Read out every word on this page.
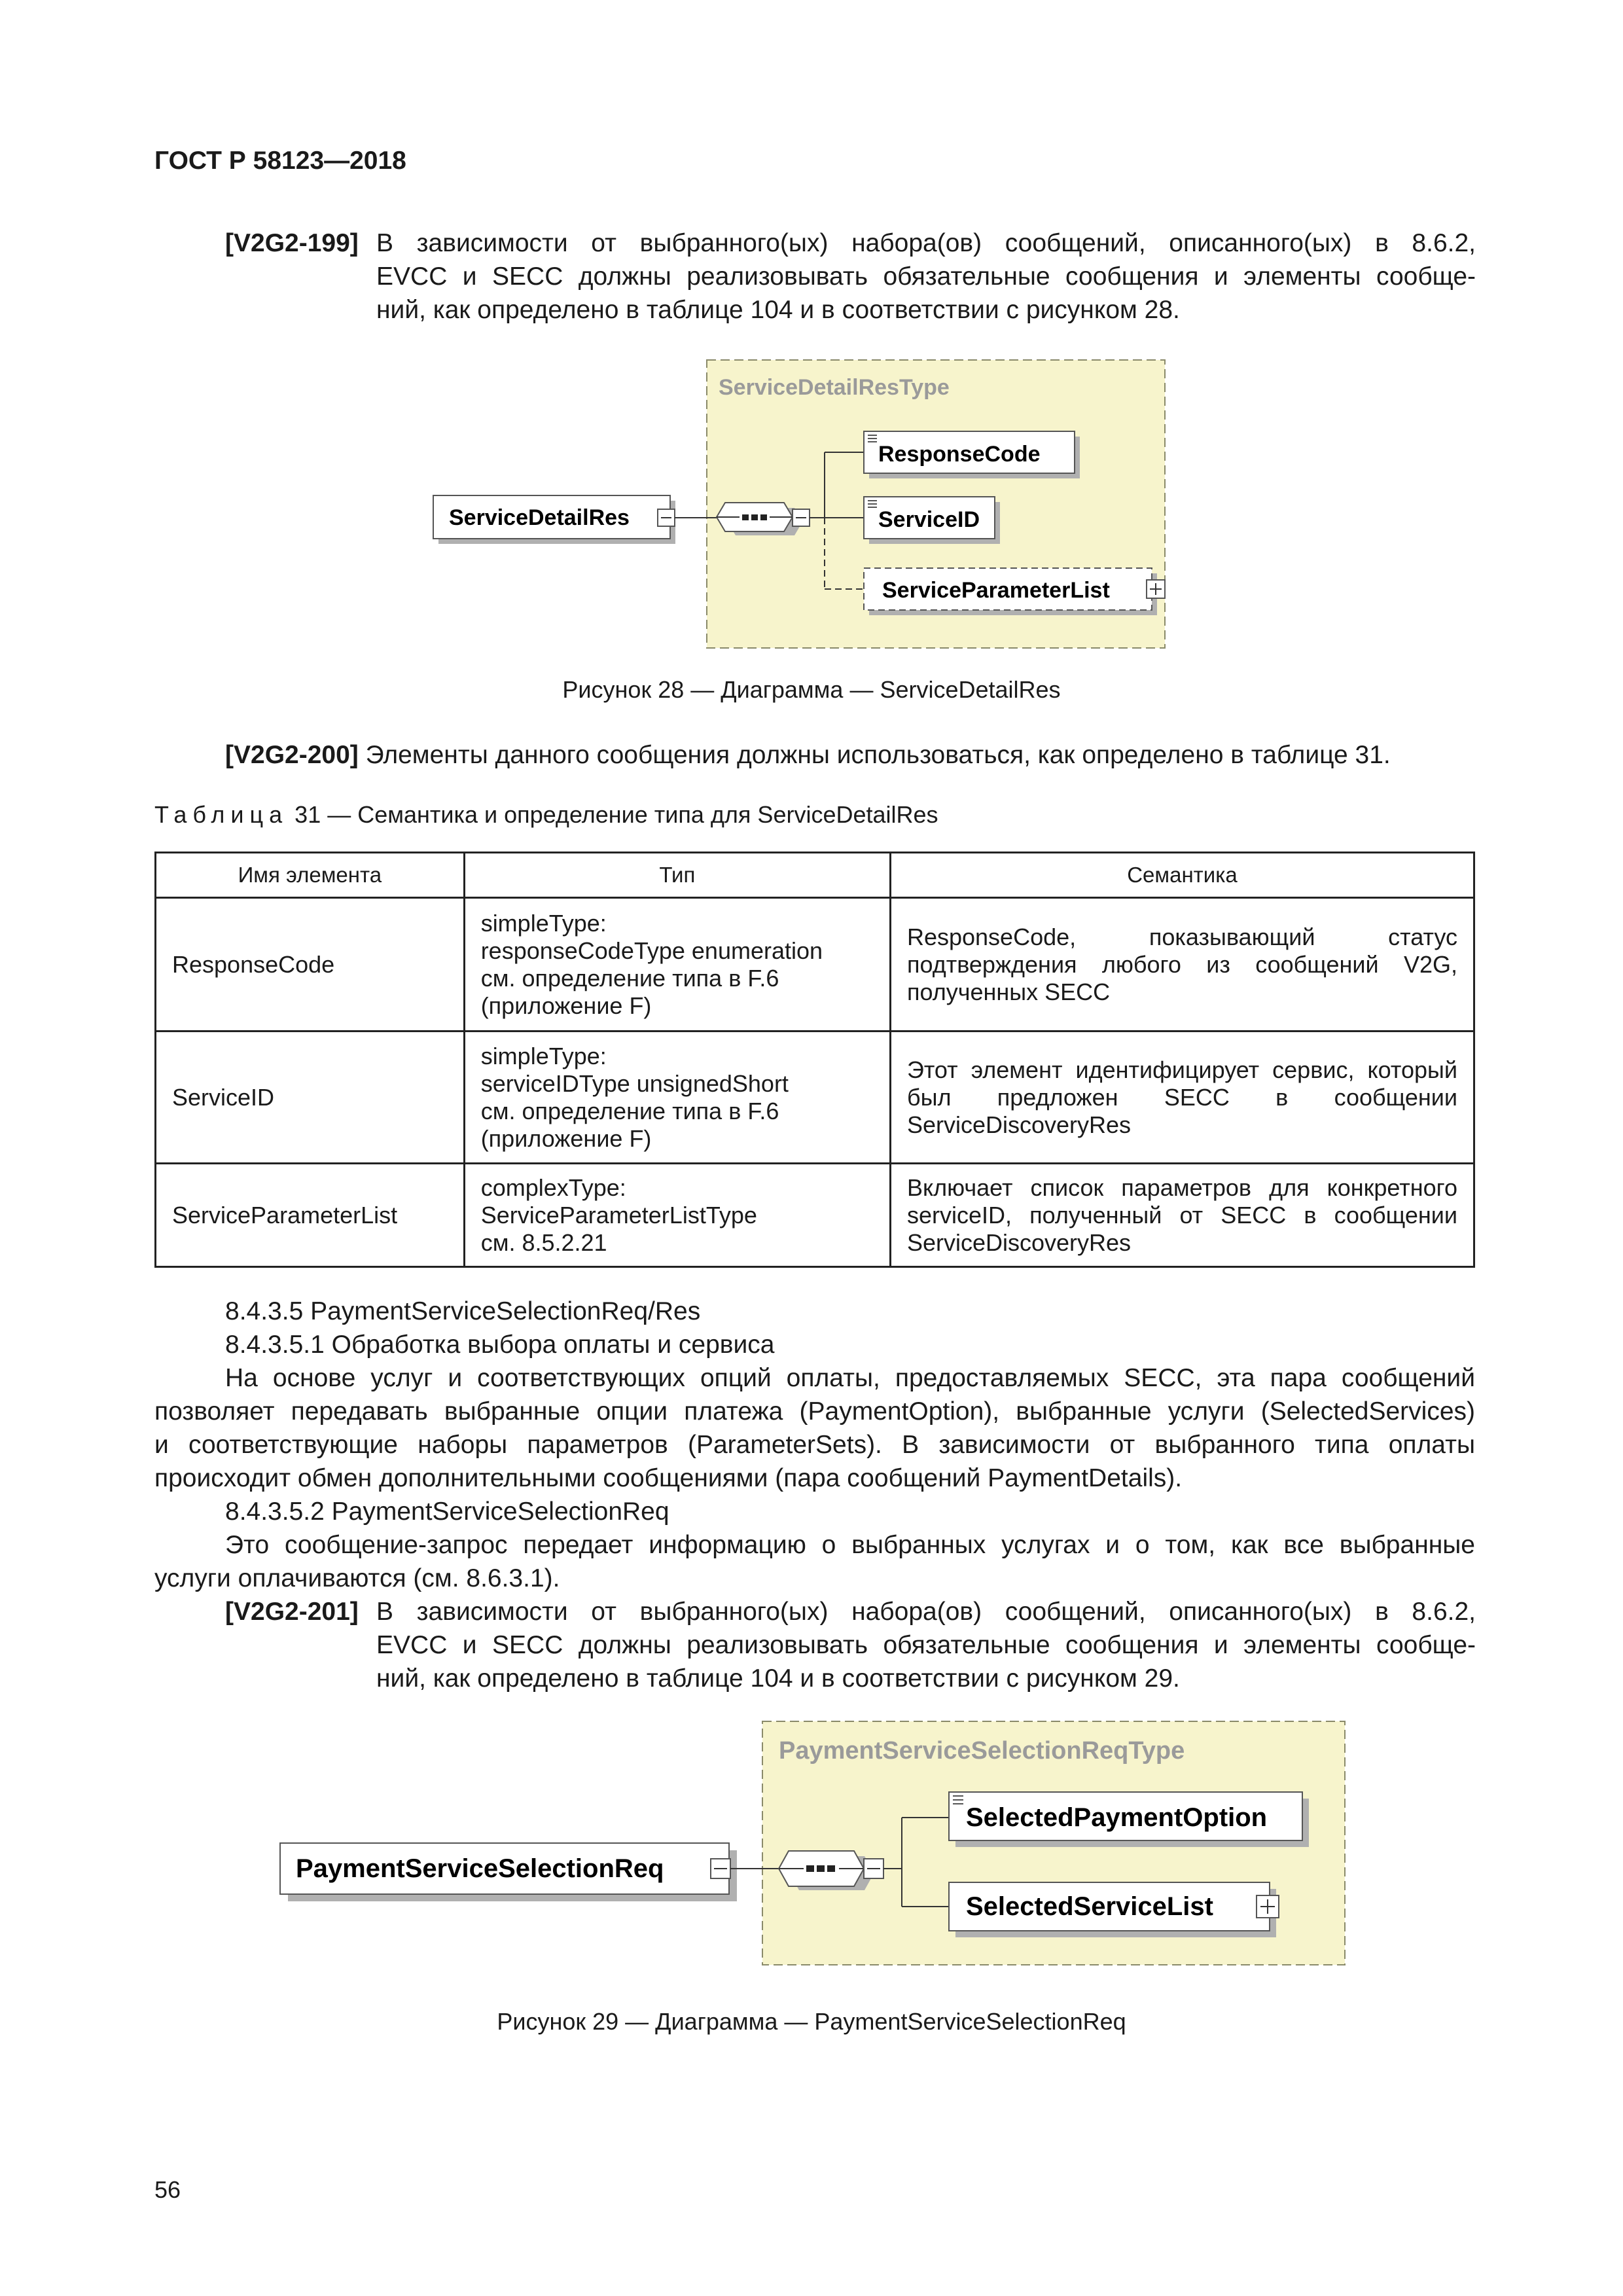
ГОСТ Р 58123—2018
[V2G2-199] В зависимости от выбранного(ых) набора(ов) сообщений, описанного(ых) в 8.6.2,
EVCC и SECC должны реализовывать обязательные сообщения и элементы сообще-
ний, как определено в таблице 104 и в соответствии с рисунком 28.
ServiceDetailResType
ServiceDetailRes
ResponseCode
ServiceID
ServiceParameterList
Рисунок 28 — Диаграмма — ServiceDetailRes
[V2G2-200] Элементы данного сообщения должны использоваться, как определено в таблице 31.
Таблица 31 — Семантика и определение типа для ServiceDetailRes
Имя элемента	Тип	Семантика
ResponseCode	simpleType:
responseCodeType enumeration
см. определение типа в F.6
(приложение F)	ResponseCode, показывающий статус подтверждения любого из сообщений V2G, полученных SECC
ServiceID	simpleType:
serviceIDType unsignedShort
см. определение типа в F.6
(приложение F)	Этот элемент идентифицирует сервис, который был предложен SECC в сообщении ServiceDiscoveryRes
ServiceParameterList	complexType:
ServiceParameterListType
см. 8.5.2.21	Включает список параметров для конкретного serviceID, полученный от SECC в сообщении ServiceDiscoveryRes
8.4.3.5 PaymentServiceSelectionReq/Res
8.4.3.5.1 Обработка выбора оплаты и сервиса
На основе услуг и соответствующих опций оплаты, предоставляемых SECC, эта пара сообщений
позволяет передавать выбранные опции платежа (PaymentOption), выбранные услуги (SelectedServices)
и соответствующие наборы параметров (ParameterSets). В зависимости от выбранного типа оплаты
происходит обмен дополнительными сообщениями (пара сообщений PaymentDetails).
8.4.3.5.2 PaymentServiceSelectionReq
Это сообщение-запрос передает информацию о выбранных услугах и о том, как все выбранные
услуги оплачиваются (см. 8.6.3.1).
[V2G2-201] В зависимости от выбранного(ых) набора(ов) сообщений, описанного(ых) в 8.6.2,
EVCC и SECC должны реализовывать обязательные сообщения и элементы сообще-
ний, как определено в таблице 104 и в соответствии с рисунком 29.
PaymentServiceSelectionReqType
PaymentServiceSelectionReq
SelectedPaymentOption
SelectedServiceList
Рисунок 29 — Диаграмма — PaymentServiceSelectionReq
56
